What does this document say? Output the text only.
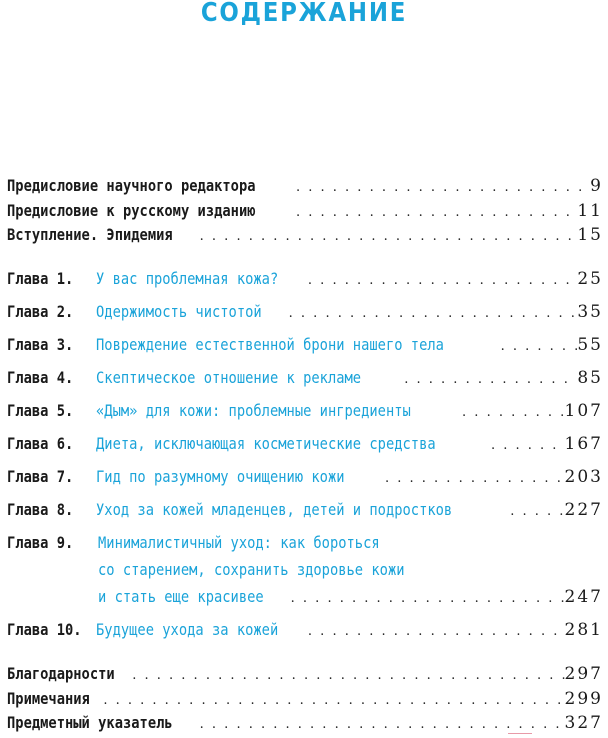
СОДЕРЖАНИЕ
Предисловие научного редактора . . .	9
Предисловие к русскому изданию . . .	11
Вступление. Эпидемия . . .	15
Глава 1.	У вас проблемная кожа? . . .	25
Глава 2.	Одержимость чистотой . . .	35
Глава 3.	Повреждение естественной брони нашего тела . . .	55
Глава 4.	Скептическое отношение к рекламе . . .	85
Глава 5.	«Дым» для кожи: проблемные ингредиенты . . .	107
Глава 6.	Диета, исключающая косметические средства . . .	167
Глава 7.	Гид по разумному очищению кожи . . .	203
Глава 8.	Уход за кожей младенцев, детей и подростков . . .	227
Глава 9.	Минималистичный уход: как бороться
со старением, сохранить здоровье кожи
и стать еще красивее . . .	247
Глава 10. Будущее ухода за кожей . . .	281
Благодарности . . .	297
Примечания . . .	299
Предметный указатель . . .	327
